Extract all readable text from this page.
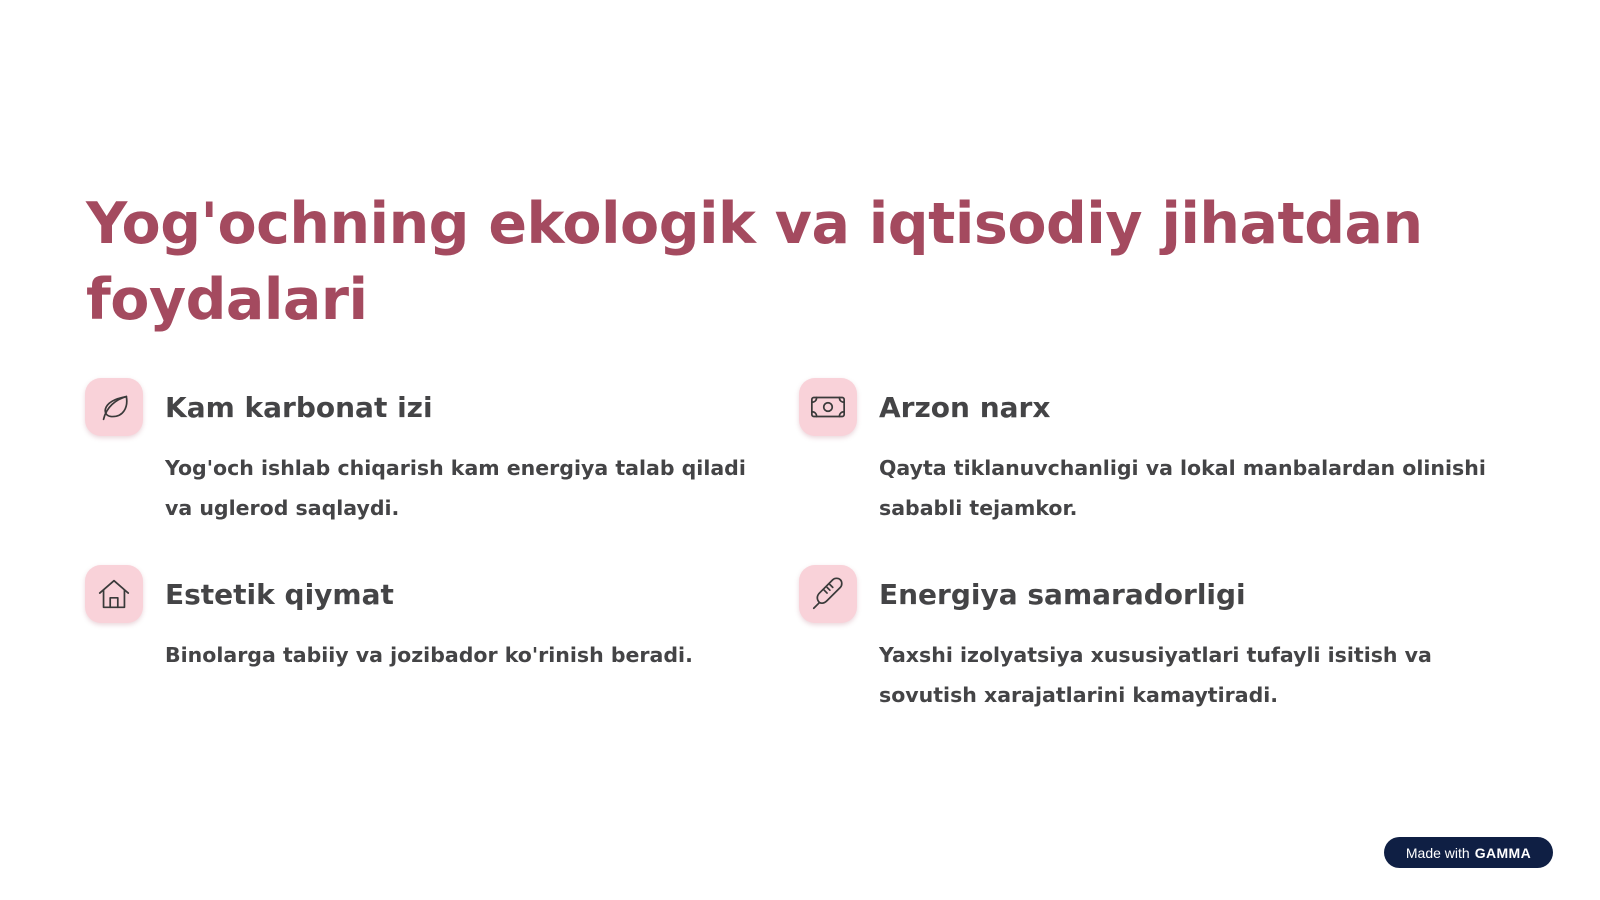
Yog'ochning ekologik va iqtisodiy jihatdan foydalari
Kam karbonat izi

Yog'och ishlab chiqarish kam energiya talab qiladi va uglerod saqlaydi.

Arzon narx

Qayta tiklanuvchanligi va lokal manbalardan olinishi sababli tejamkor.

Estetik qiymat

Binolarga tabiiy va jozibador ko'rinish beradi.

Energiya samaradorligi

Yaxshi izolyatsiya xususiyatlari tufayli isitish va sovutish xarajatlarini kamaytiradi.

Made with GAMMA
